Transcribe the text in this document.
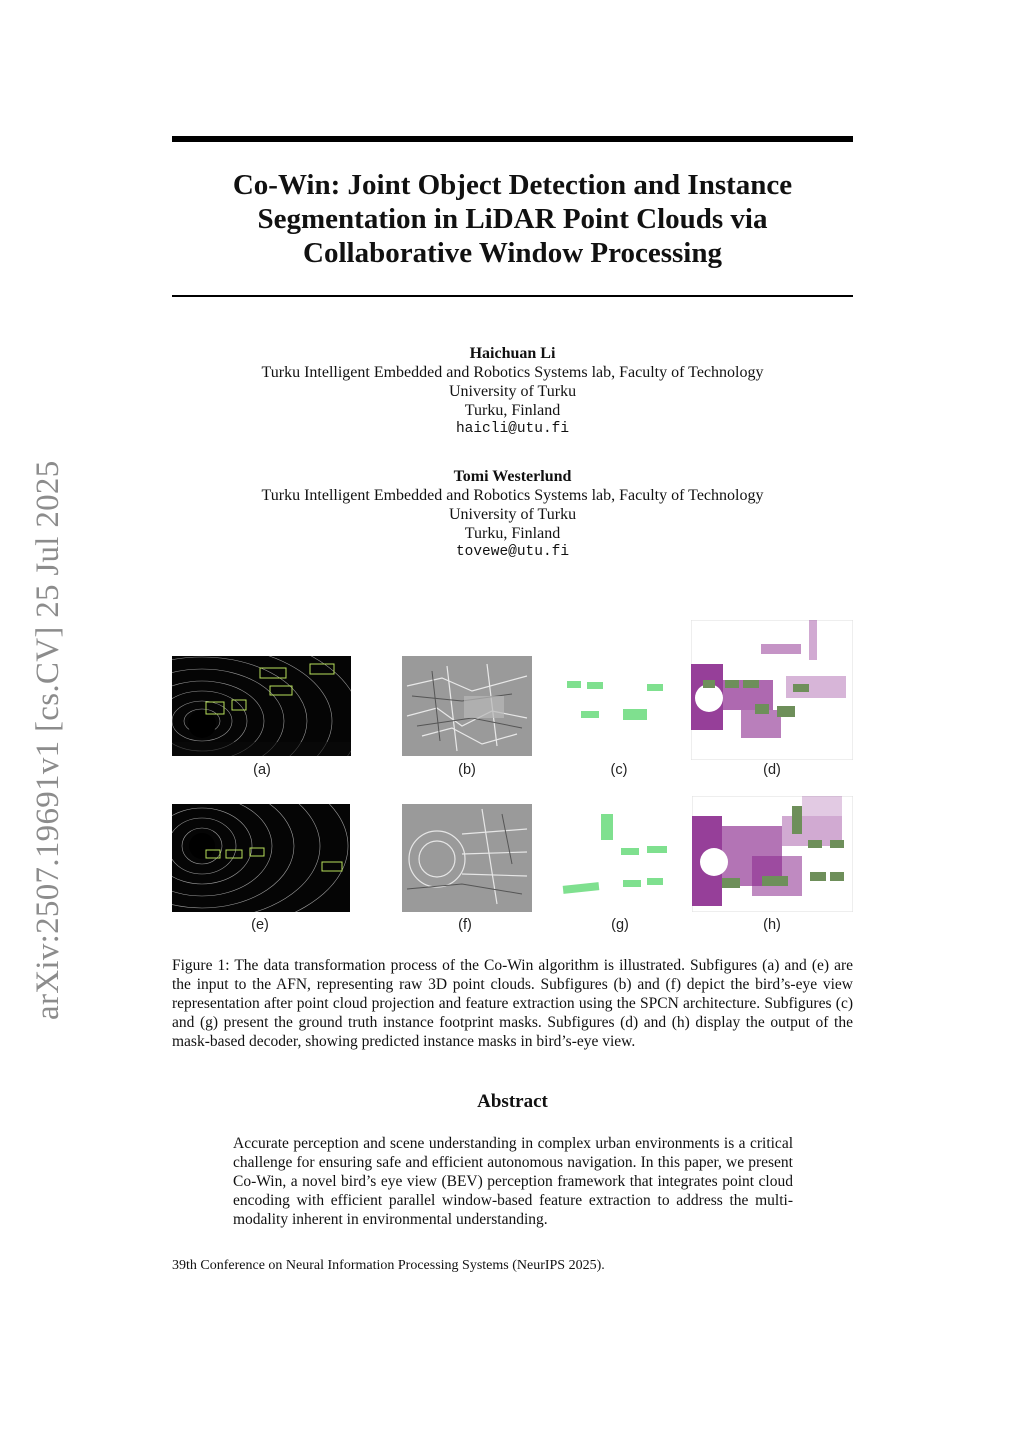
arXiv:2507.19691v1 [cs.CV] 25 Jul 2025
Co-Win: Joint Object Detection and Instance
Segmentation in LiDAR Point Clouds via
Collaborative Window Processing
Haichuan Li
Turku Intelligent Embedded and Robotics Systems lab, Faculty of Technology
University of Turku
Turku, Finland
haicli@utu.fi
Tomi Westerlund
Turku Intelligent Embedded and Robotics Systems lab, Faculty of Technology
University of Turku
Turku, Finland
tovewe@utu.fi
(a)	(b)	(c)	(d)
(e)	(f)	(g)	(h)

Figure 1: The data transformation process of the Co-Win algorithm is illustrated. Subfigures (a) and (e) are the input to the AFN, representing raw 3D point clouds. Subfigures (b) and (f) depict the bird’s-eye view representation after point cloud projection and feature extraction using the SPCN architecture. Subfigures (c) and (g) present the ground truth instance footprint masks. Subfigures (d) and (h) display the output of the mask-based decoder, showing predicted instance masks in bird’s-eye view.

Abstract

Accurate perception and scene understanding in complex urban environments is a critical challenge for ensuring safe and efficient autonomous navigation. In this paper, we present Co-Win, a novel bird’s eye view (BEV) perception framework that integrates point cloud encoding with efficient parallel window-based feature extraction to address the multi-modality inherent in environmental understanding.

39th Conference on Neural Information Processing Systems (NeurIPS 2025).
